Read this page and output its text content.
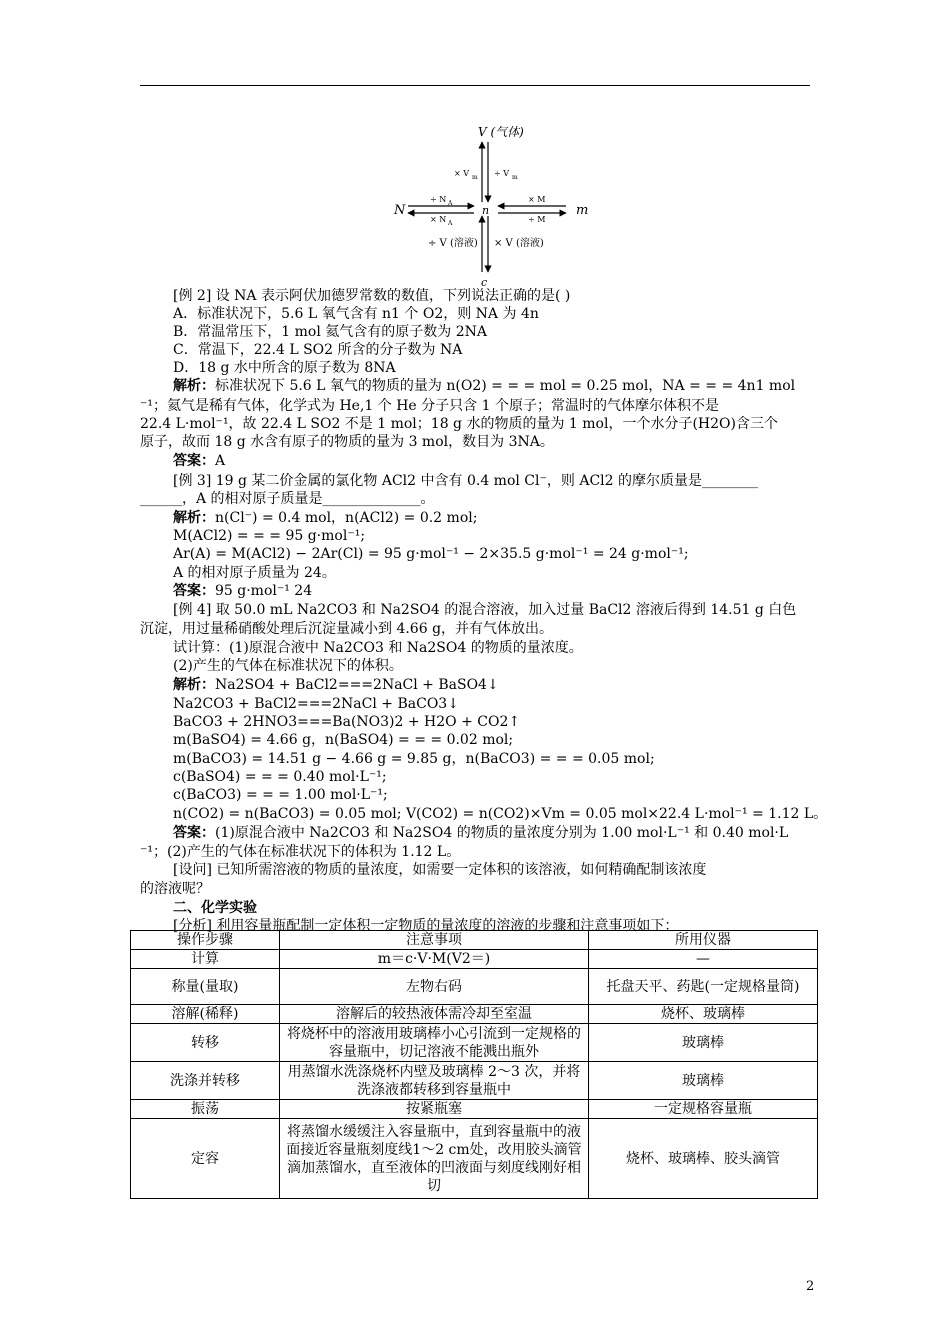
V (气体)
N	n	m
c
× V	÷ V
÷ N
× N
× M
÷ M
÷ V (溶液) × V (溶液)
m	m
A
A
[例 2] 设 NA 表示阿伏加德罗常数的数值，下列说法正确的是( )
A．标准状况下，5.6 L 氧气含有 n1 个 O2，则 NA 为 4n
B．常温常压下，1 mol 氦气含有的原子数为 2NA
C．常温下，22.4 L SO2 所含的分子数为 NA
D．18 g 水中所含的原子数为 8NA
解析：标准状况下 5.6 L 氧气的物质的量为 n(O2) = = = mol = 0.25 mol，NA = = = 4n1 mol
⁻¹；氦气是稀有气体，化学式为 He,1 个 He 分子只含 1 个原子；常温时的气体摩尔体积不是
22.4 L·mol⁻¹，故 22.4 L SO2 不是 1 mol；18 g 水的物质的量为 1 mol，一个水分子(H2O)含三个
原子，故而 18 g 水含有原子的物质的量为 3 mol，数目为 3NA。
答案：A
[例 3] 19 g 某二价金属的氯化物 ACl2 中含有 0.4 mol Cl⁻，则 ACl2 的摩尔质量是________
______，A 的相对原子质量是______________。
解析：n(Cl⁻) = 0.4 mol，n(ACl2) = 0.2 mol;
M(ACl2) = = = 95 g·mol⁻¹;
Ar(A) = M(ACl2) − 2Ar(Cl) = 95 g·mol⁻¹ − 2×35.5 g·mol⁻¹ = 24 g·mol⁻¹;
A 的相对原子质量为 24。
答案：95 g·mol⁻¹ 24
[例 4] 取 50.0 mL Na2CO3 和 Na2SO4 的混合溶液，加入过量 BaCl2 溶液后得到 14.51 g 白色
沉淀，用过量稀硝酸处理后沉淀量减小到 4.66 g，并有气体放出。
试计算：(1)原混合液中 Na2CO3 和 Na2SO4 的物质的量浓度。
(2)产生的气体在标准状况下的体积。
解析：Na2SO4 + BaCl2===2NaCl + BaSO4↓
Na2CO3 + BaCl2===2NaCl + BaCO3↓
BaCO3 + 2HNO3===Ba(NO3)2 + H2O + CO2↑
m(BaSO4) = 4.66 g，n(BaSO4) = = = 0.02 mol;
m(BaCO3) = 14.51 g − 4.66 g = 9.85 g，n(BaCO3) = = = 0.05 mol;
c(BaSO4) = = = 0.40 mol·L⁻¹;
c(BaCO3) = = = 1.00 mol·L⁻¹;
n(CO2) = n(BaCO3) = 0.05 mol; V(CO2) = n(CO2)×Vm = 0.05 mol×22.4 L·mol⁻¹ = 1.12 L。
答案：(1)原混合液中 Na2CO3 和 Na2SO4 的物质的量浓度分别为 1.00 mol·L⁻¹ 和 0.40 mol·L
⁻¹；(2)产生的气体在标准状况下的体积为 1.12 L。
[设问] 已知所需溶液的物质的量浓度，如需要一定体积的该溶液，如何精确配制该浓度
的溶液呢？
二、化学实验
[分析] 利用容量瓶配制一定体积一定物质的量浓度的溶液的步骤和注意事项如下：
操作步骤	注意事项	所用仪器
计算	m＝c·V·M(V2＝)	—
称量(量取)	左物右码	托盘天平、药匙(一定规格量筒)
溶解(稀释)	溶解后的较热液体需冷却至室温	烧杯、玻璃棒
转移	将烧杯中的溶液用玻璃棒小心引流到一定规格的容量瓶中，切记溶液不能溅出瓶外	玻璃棒
洗涤并转移	用蒸馏水洗涤烧杯内壁及玻璃棒 2～3 次，并将洗涤液都转移到容量瓶中	玻璃棒
振荡	按紧瓶塞	一定规格容量瓶
定容	将蒸馏水缓缓注入容量瓶中，直到容量瓶中的液面接近容量瓶刻度线1～2 cm处，改用胶头滴管滴加蒸馏水，直至液体的凹液面与刻度线刚好相切	烧杯、玻璃棒、胶头滴管
2
